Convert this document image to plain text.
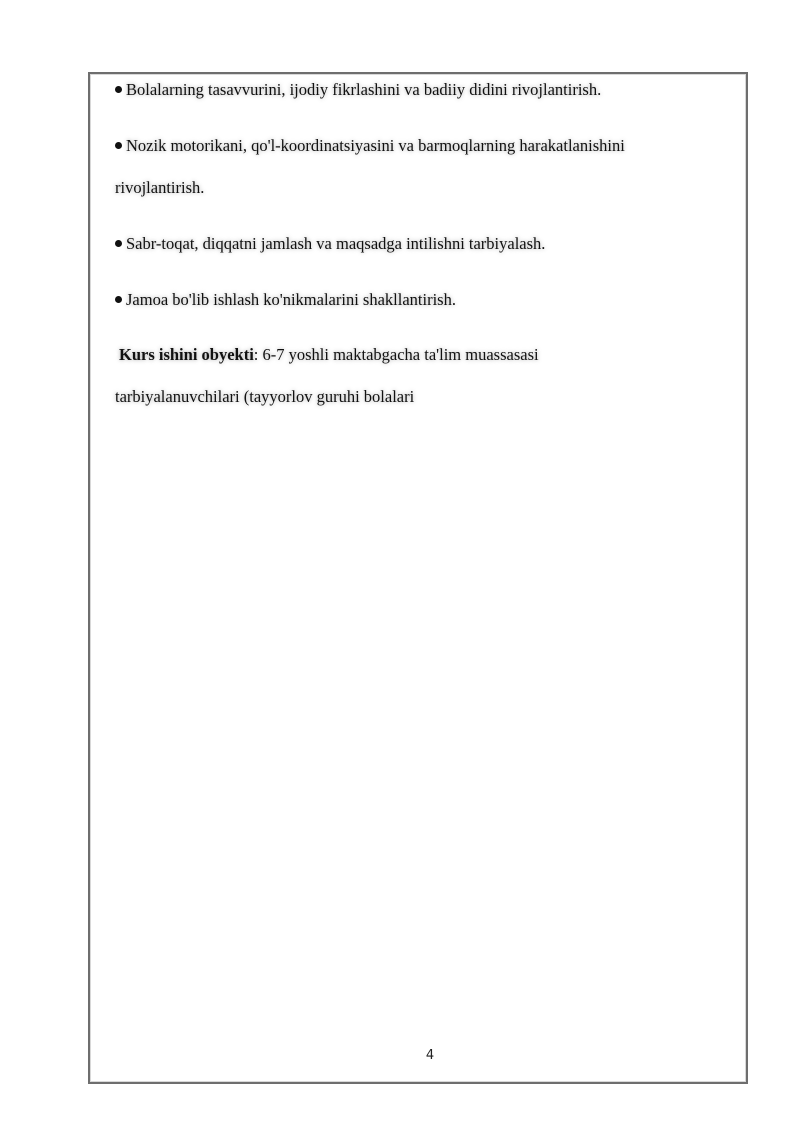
Bolalarning tasavvurini, ijodiy fikrlashini va badiiy didini rivojlantirish.
Nozik motorikani, qo'l-koordinatsiyasini va barmoqlarning harakatlanishini
rivojlantirish.
Sabr-toqat, diqqatni jamlash va maqsadga intilishni tarbiyalash.
Jamoa bo'lib ishlash ko'nikmalarini shakllantirish.
Kurs ishini obyekti: 6-7 yoshli maktabgacha ta'lim muassasasi
tarbiyalanuvchilari (tayyorlov guruhi bolalari
4
